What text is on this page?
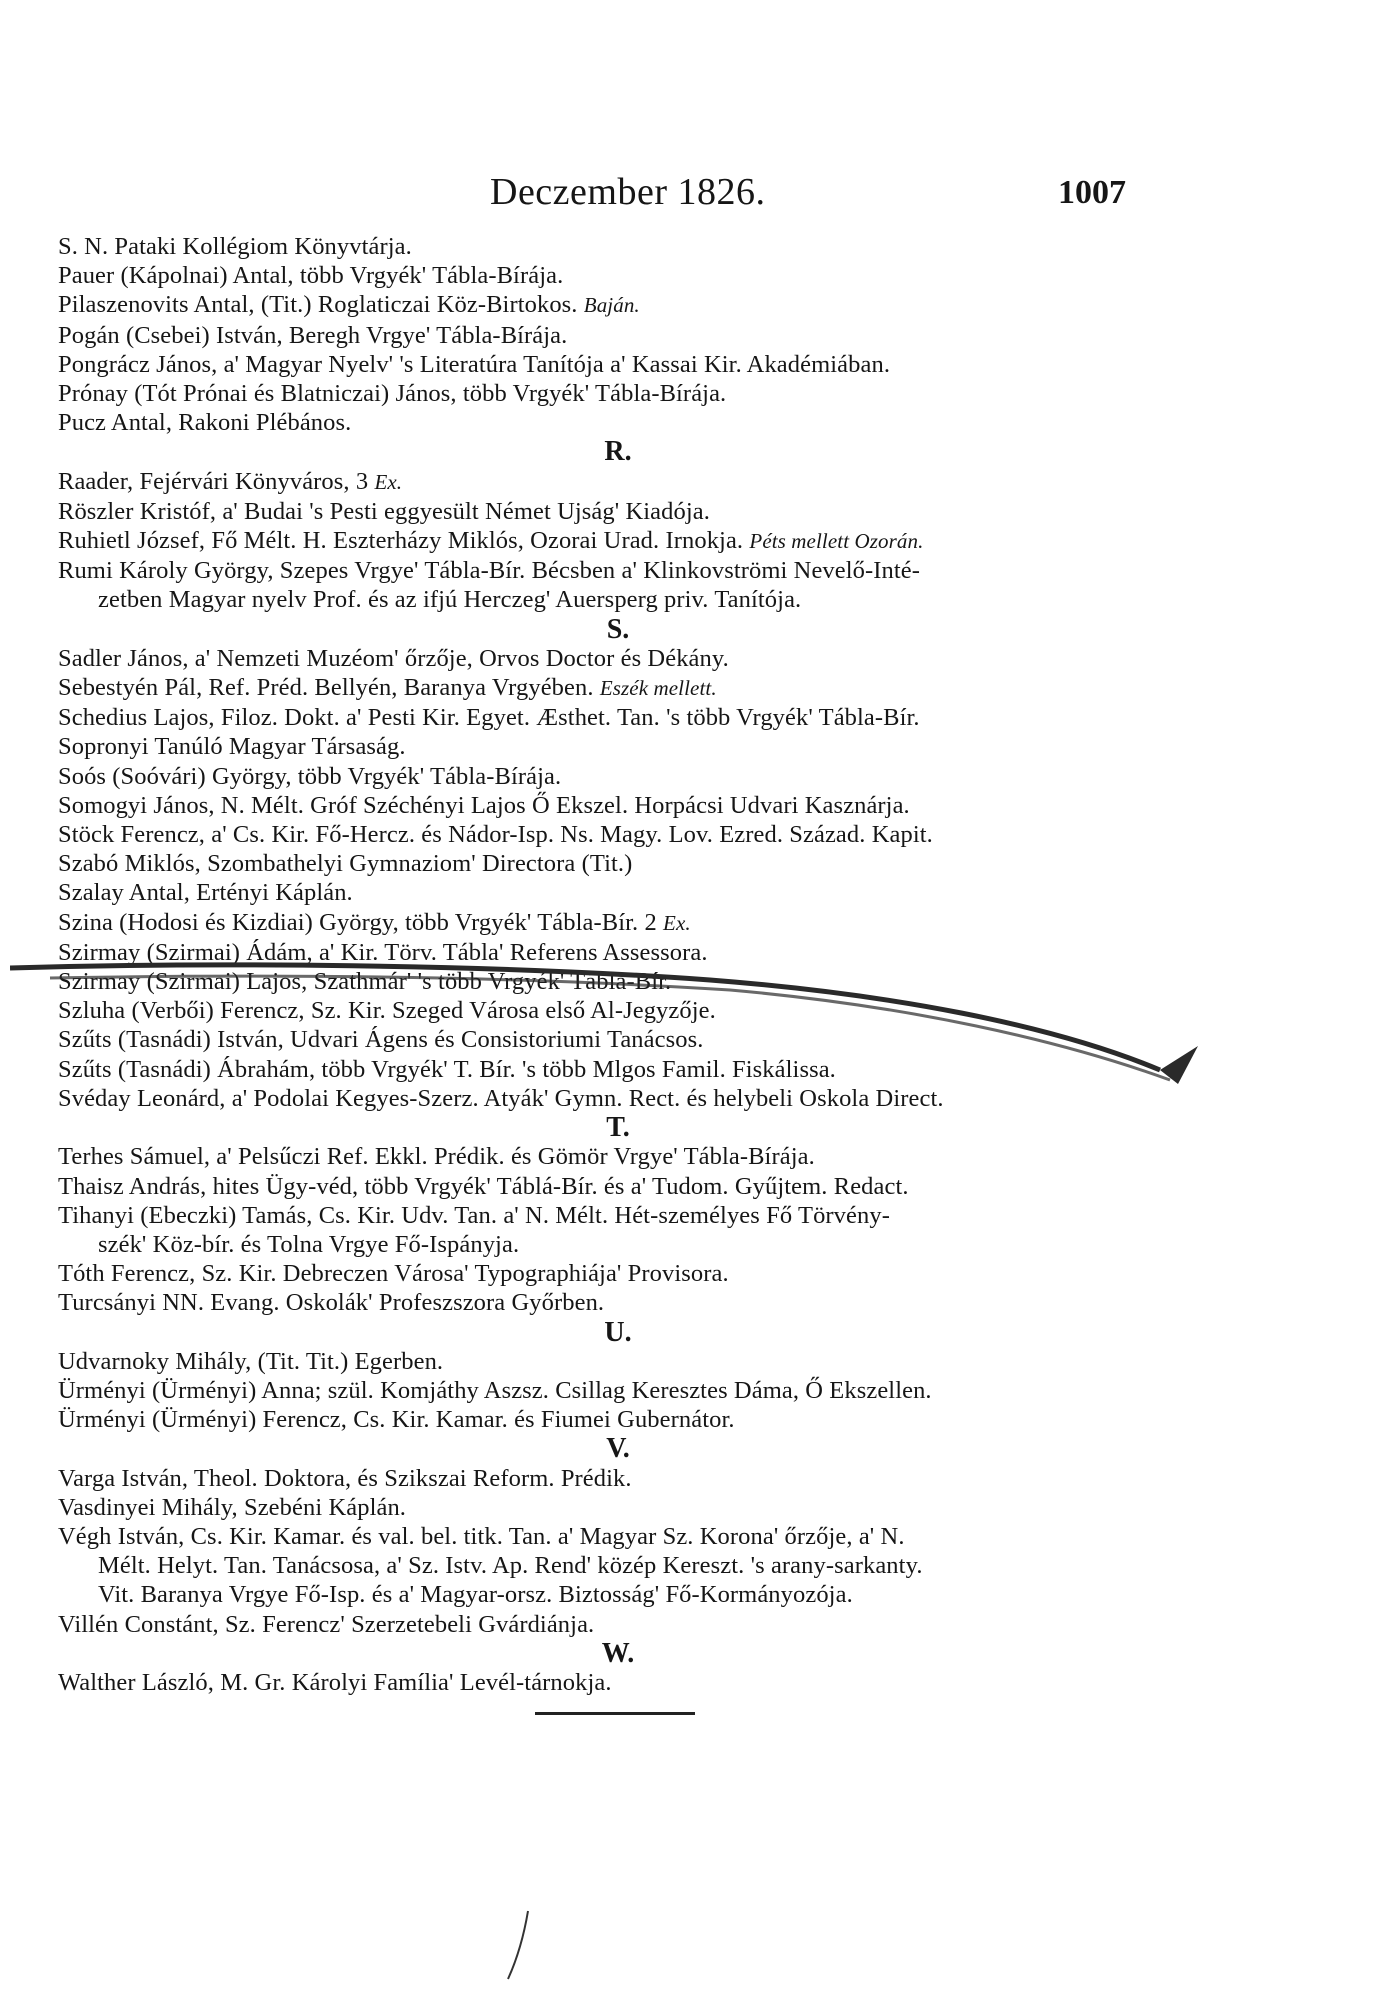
Deczember 1826.	1007
S. N. Pataki Kollégiom Könyvtárja.
Pauer (Kápolnai) Antal, több Vrgyék' Tábla-Bírája.
Pilaszenovits Antal, (Tit.) Roglaticzai Köz-Birtokos. Baján.
Pogán (Csebei) István, Beregh Vrgye' Tábla-Bírája.
Pongrácz János, a' Magyar Nyelv' 's Literatúra Tanítója a' Kassai Kir. Akadémiában.
Prónay (Tót Prónai és Blatniczai) János, több Vrgyék' Tábla-Bírája.
Pucz Antal, Rakoni Plébános.
R.
Raader, Fejérvári Könyváros, 3 Ex.
Röszler Kristóf, a' Budai 's Pesti eggyesült Német Ujság' Kiadója.
Ruhietl József, Fő Mélt. H. Eszterházy Miklós, Ozorai Urad. Irnokja. Péts mellett Ozorán.
Rumi Károly György, Szepes Vrgye' Tábla-Bír. Bécsben a' Klinkovströmi Nevelő-Inté-
zetben Magyar nyelv Prof. és az ifjú Herczeg' Auersperg priv. Tanítója.
S.
Sadler János, a' Nemzeti Muzéom' őrzője, Orvos Doctor és Dékány.
Sebestyén Pál, Ref. Préd. Bellyén, Baranya Vrgyében. Eszék mellett.
Schedius Lajos, Filoz. Dokt. a' Pesti Kir. Egyet. Æsthet. Tan. 's több Vrgyék' Tábla-Bír.
Sopronyi Tanúló Magyar Társaság.
Soós (Soóvári) György, több Vrgyék' Tábla-Bírája.
Somogyi János, N. Mélt. Gróf Széchényi Lajos Ő Ekszel. Horpácsi Udvari Kasznárja.
Stöck Ferencz, a' Cs. Kir. Fő-Hercz. és Nádor-Isp. Ns. Magy. Lov. Ezred. Század. Kapit.
Szabó Miklós, Szombathelyi Gymnaziom' Directora (Tit.)
Szalay Antal, Ertényi Káplán.
Szina (Hodosi és Kizdiai) György, több Vrgyék' Tábla-Bír. 2 Ex.
Szirmay (Szirmai) Ádám, a' Kir. Törv. Tábla' Referens Assessora.
Szirmay (Szirmai) Lajos, Szathmár' 's több Vrgyék' Tábla-Bír.
Szluha (Verbői) Ferencz, Sz. Kir. Szeged Városa első Al-Jegyzője.
Szűts (Tasnádi) István, Udvari Ágens és Consistoriumi Tanácsos.
Szűts (Tasnádi) Ábrahám, több Vrgyék' T. Bír. 's több Mlgos Famil. Fiskálissa.
Svéday Leonárd, a' Podolai Kegyes-Szerz. Atyák' Gymn. Rect. és helybeli Oskola Direct.
T.
Terhes Sámuel, a' Pelsűczi Ref. Ekkl. Prédik. és Gömör Vrgye' Tábla-Bírája.
Thaisz András, hites Ügy-véd, több Vrgyék' Táblá-Bír. és a' Tudom. Gyűjtem. Redact.
Tihanyi (Ebeczki) Tamás, Cs. Kir. Udv. Tan. a' N. Mélt. Hét-személyes Fő Törvény-
szék' Köz-bír. és Tolna Vrgye Fő-Ispányja.
Tóth Ferencz, Sz. Kir. Debreczen Városa' Typographiája' Provisora.
Turcsányi NN. Evang. Oskolák' Profeszszora Győrben.
U.
Udvarnoky Mihály, (Tit. Tit.) Egerben.
Ürményi (Ürményi) Anna; szül. Komjáthy Aszsz. Csillag Keresztes Dáma, Ő Ekszellen.
Ürményi (Ürményi) Ferencz, Cs. Kir. Kamar. és Fiumei Gubernátor.
V.
Varga István, Theol. Doktora, és Szikszai Reform. Prédik.
Vasdinyei Mihály, Szebéni Káplán.
Végh István, Cs. Kir. Kamar. és val. bel. titk. Tan. a' Magyar Sz. Korona' őrzője, a' N.
Mélt. Helyt. Tan. Tanácsosa, a' Sz. Istv. Ap. Rend' közép Kereszt. 's arany-sarkanty.
Vit. Baranya Vrgye Fő-Isp. és a' Magyar-orsz. Biztosság' Fő-Kormányozója.
Villén Constánt, Sz. Ferencz' Szerzetebeli Gvárdiánja.
W.
Walther László, M. Gr. Károlyi Família' Levél-tárnokja.
